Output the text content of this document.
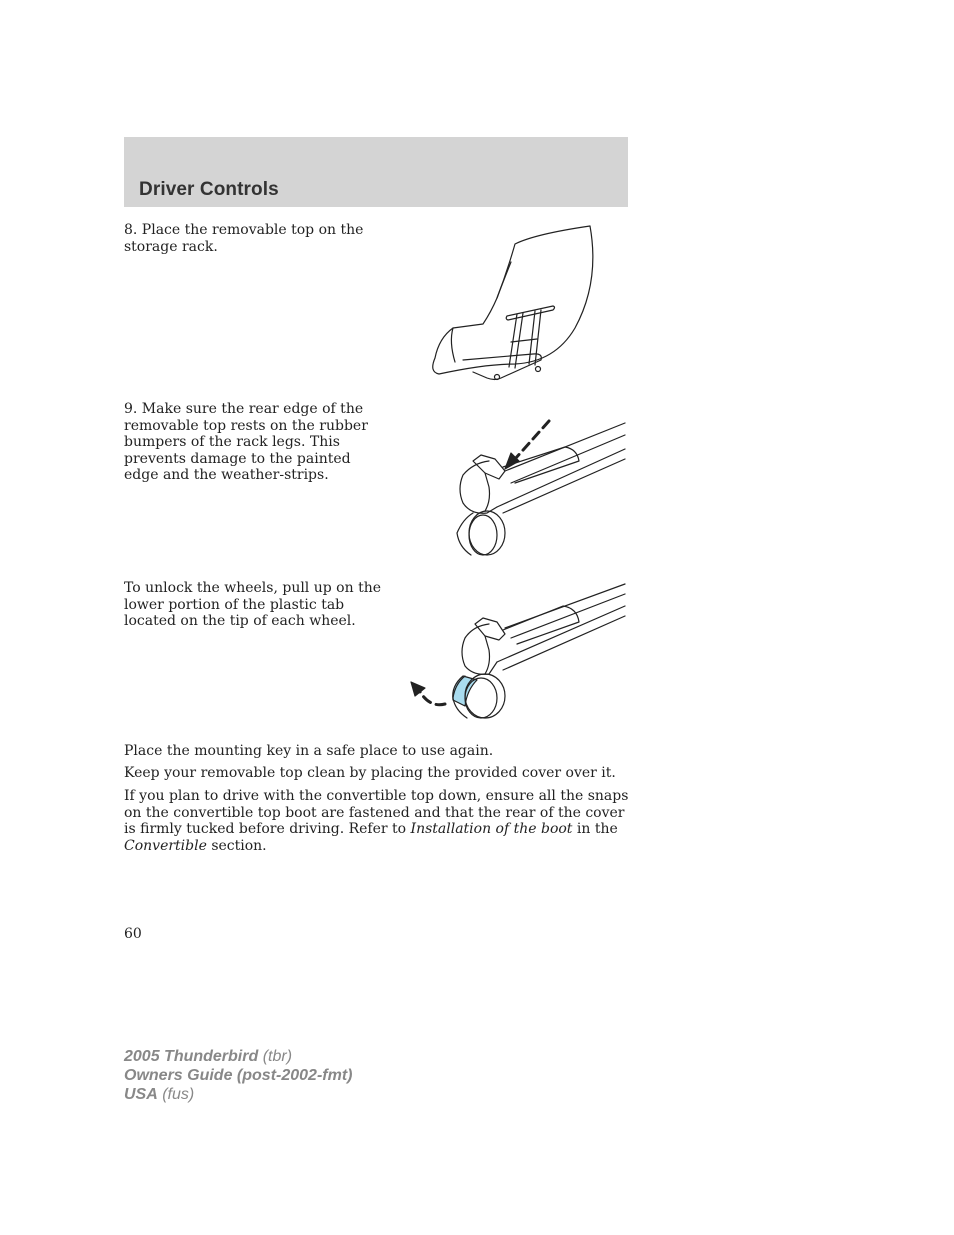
Driver Controls

8. Place the removable top on the storage rack.

9. Make sure the rear edge of the removable top rests on the rubber bumpers of the rack legs. This prevents damage to the painted edge and the weather-strips.

To unlock the wheels, pull up on the lower portion of the plastic tab located on the tip of each wheel.

Place the mounting key in a safe place to use again.

Keep your removable top clean by placing the provided cover over it.

If you plan to drive with the convertible top down, ensure all the snaps on the convertible top boot are fastened and that the rear of the cover is firmly tucked before driving. Refer to Installation of the boot in the Convertible section.

60
2005 Thunderbird (tbr)
Owners Guide (post-2002-fmt)
USA (fus)
